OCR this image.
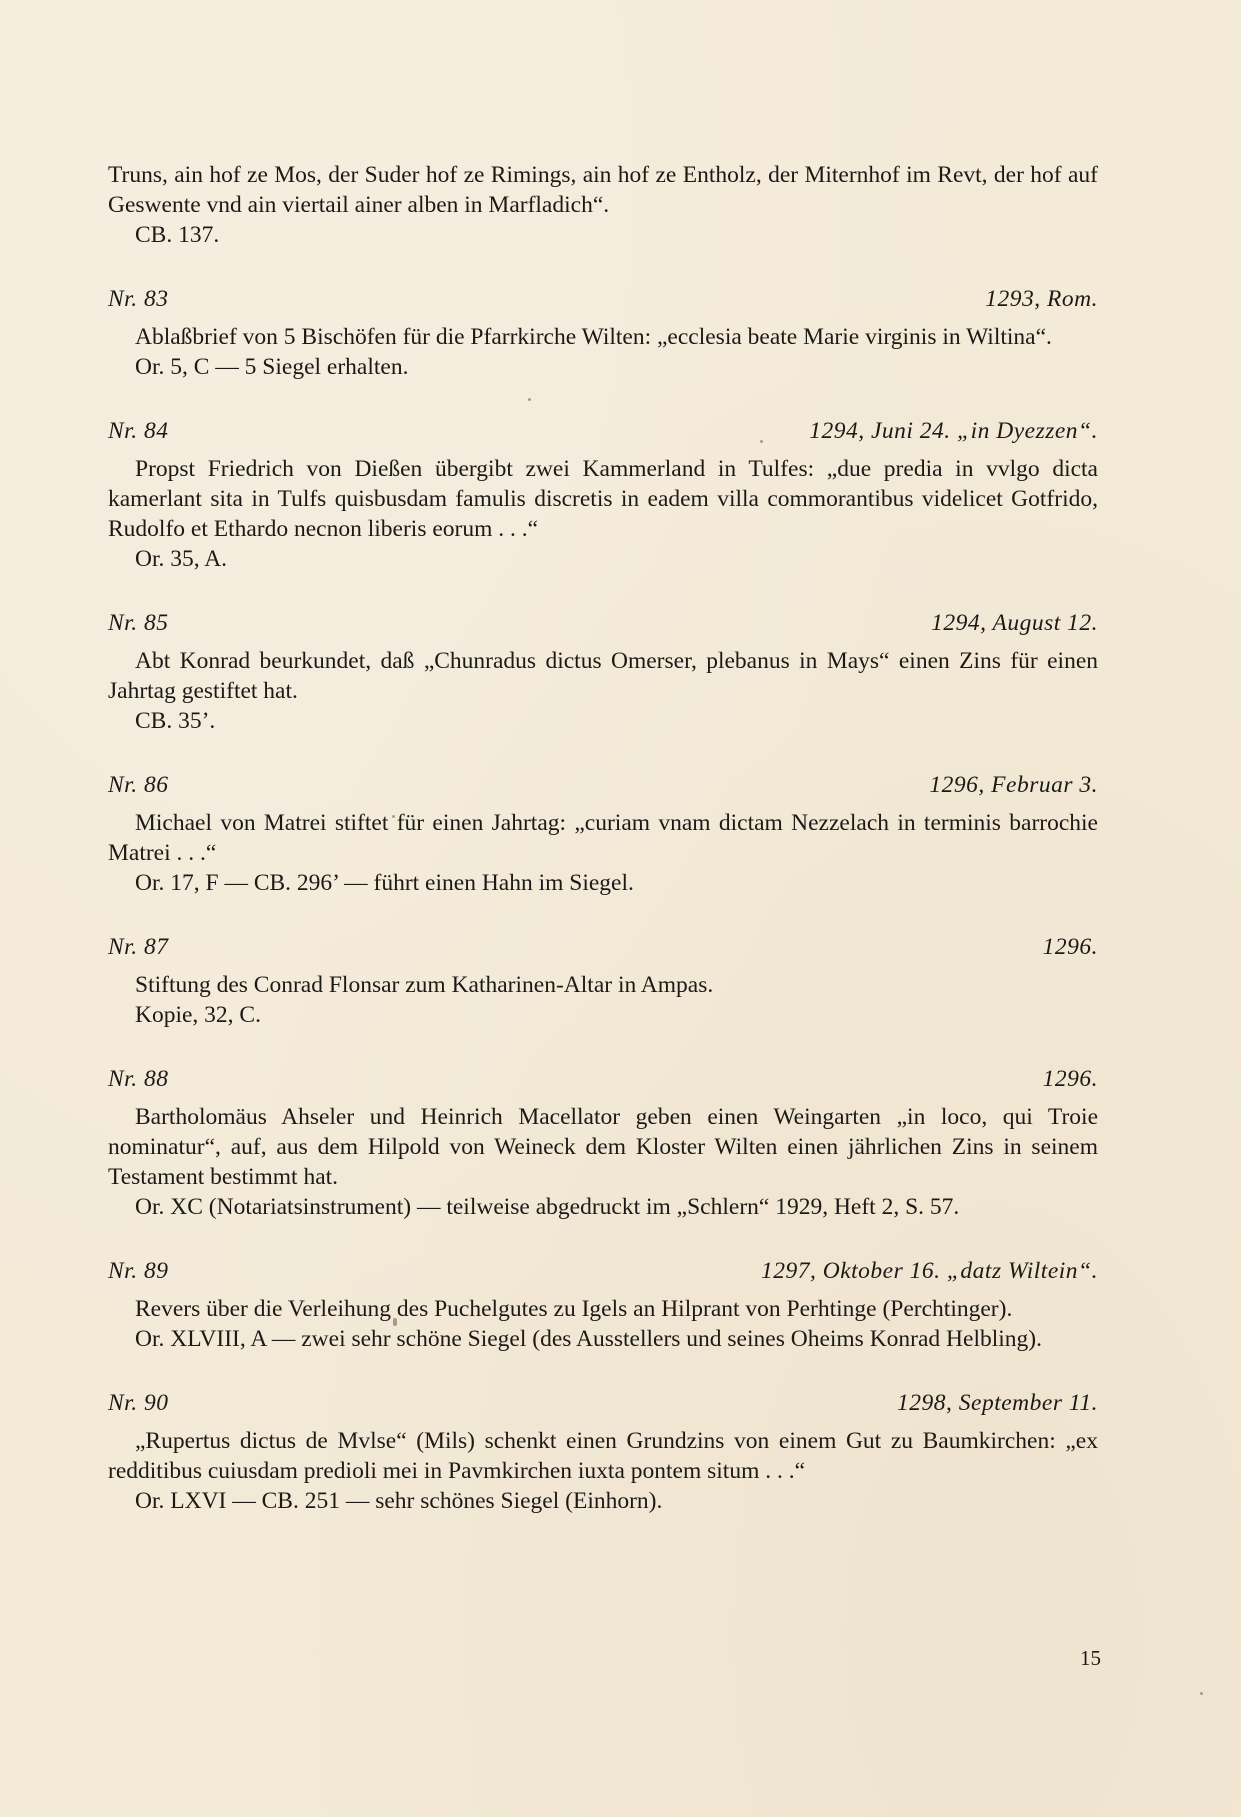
Truns, ain hof ze Mos, der Suder hof ze Rimings, ain hof ze Entholz, der Miternhof im Revt, der hof auf Geswente vnd ain viertail ainer alben in Marfladich“.

CB. 137.

Nr. 83	1293, Rom.

Ablaßbrief von 5 Bischöfen für die Pfarrkirche Wilten: „ecclesia beate Marie virginis in Wiltina“.

Or. 5, C — 5 Siegel erhalten.

Nr. 84	1294, Juni 24. „in Dyezzen“.

Propst Friedrich von Dießen übergibt zwei Kammerland in Tulfes: „due predia in vvlgo dicta kamerlant sita in Tulfs quisbusdam famulis discretis in eadem villa commorantibus videlicet Gotfrido, Rudolfo et Ethardo necnon liberis eorum . . .“

Or. 35, A.

Nr. 85	1294, August 12.

Abt Konrad beurkundet, daß „Chunradus dictus Omerser, plebanus in Mays“ einen Zins für einen Jahrtag gestiftet hat.

CB. 35’.

Nr. 86	1296, Februar 3.

Michael von Matrei stiftet für einen Jahrtag: „curiam vnam dictam Nezzelach in terminis barrochie Matrei . . .“

Or. 17, F — CB. 296’ — führt einen Hahn im Siegel.

Nr. 87	1296.

Stiftung des Conrad Flonsar zum Katharinen-Altar in Ampas.

Kopie, 32, C.

Nr. 88	1296.

Bartholomäus Ahseler und Heinrich Macellator geben einen Weingarten „in loco, qui Troie nominatur“, auf, aus dem Hilpold von Weineck dem Kloster Wilten einen jährlichen Zins in seinem Testament bestimmt hat.

Or. XC (Notariatsinstrument) — teilweise abgedruckt im „Schlern“ 1929, Heft 2, S. 57.

Nr. 89	1297, Oktober 16. „datz Wiltein“.

Revers über die Verleihung des Puchelgutes zu Igels an Hilprant von Perhtinge (Perchtinger).

Or. XLVIII, A — zwei sehr schöne Siegel (des Ausstellers und seines Oheims Konrad Helbling).

Nr. 90	1298, September 11.

„Rupertus dictus de Mvlse“ (Mils) schenkt einen Grundzins von einem Gut zu Baumkirchen: „ex redditibus cuiusdam predioli mei in Pavmkirchen iuxta pontem situm . . .“

Or. LXVI — CB. 251 — sehr schönes Siegel (Einhorn).

15
